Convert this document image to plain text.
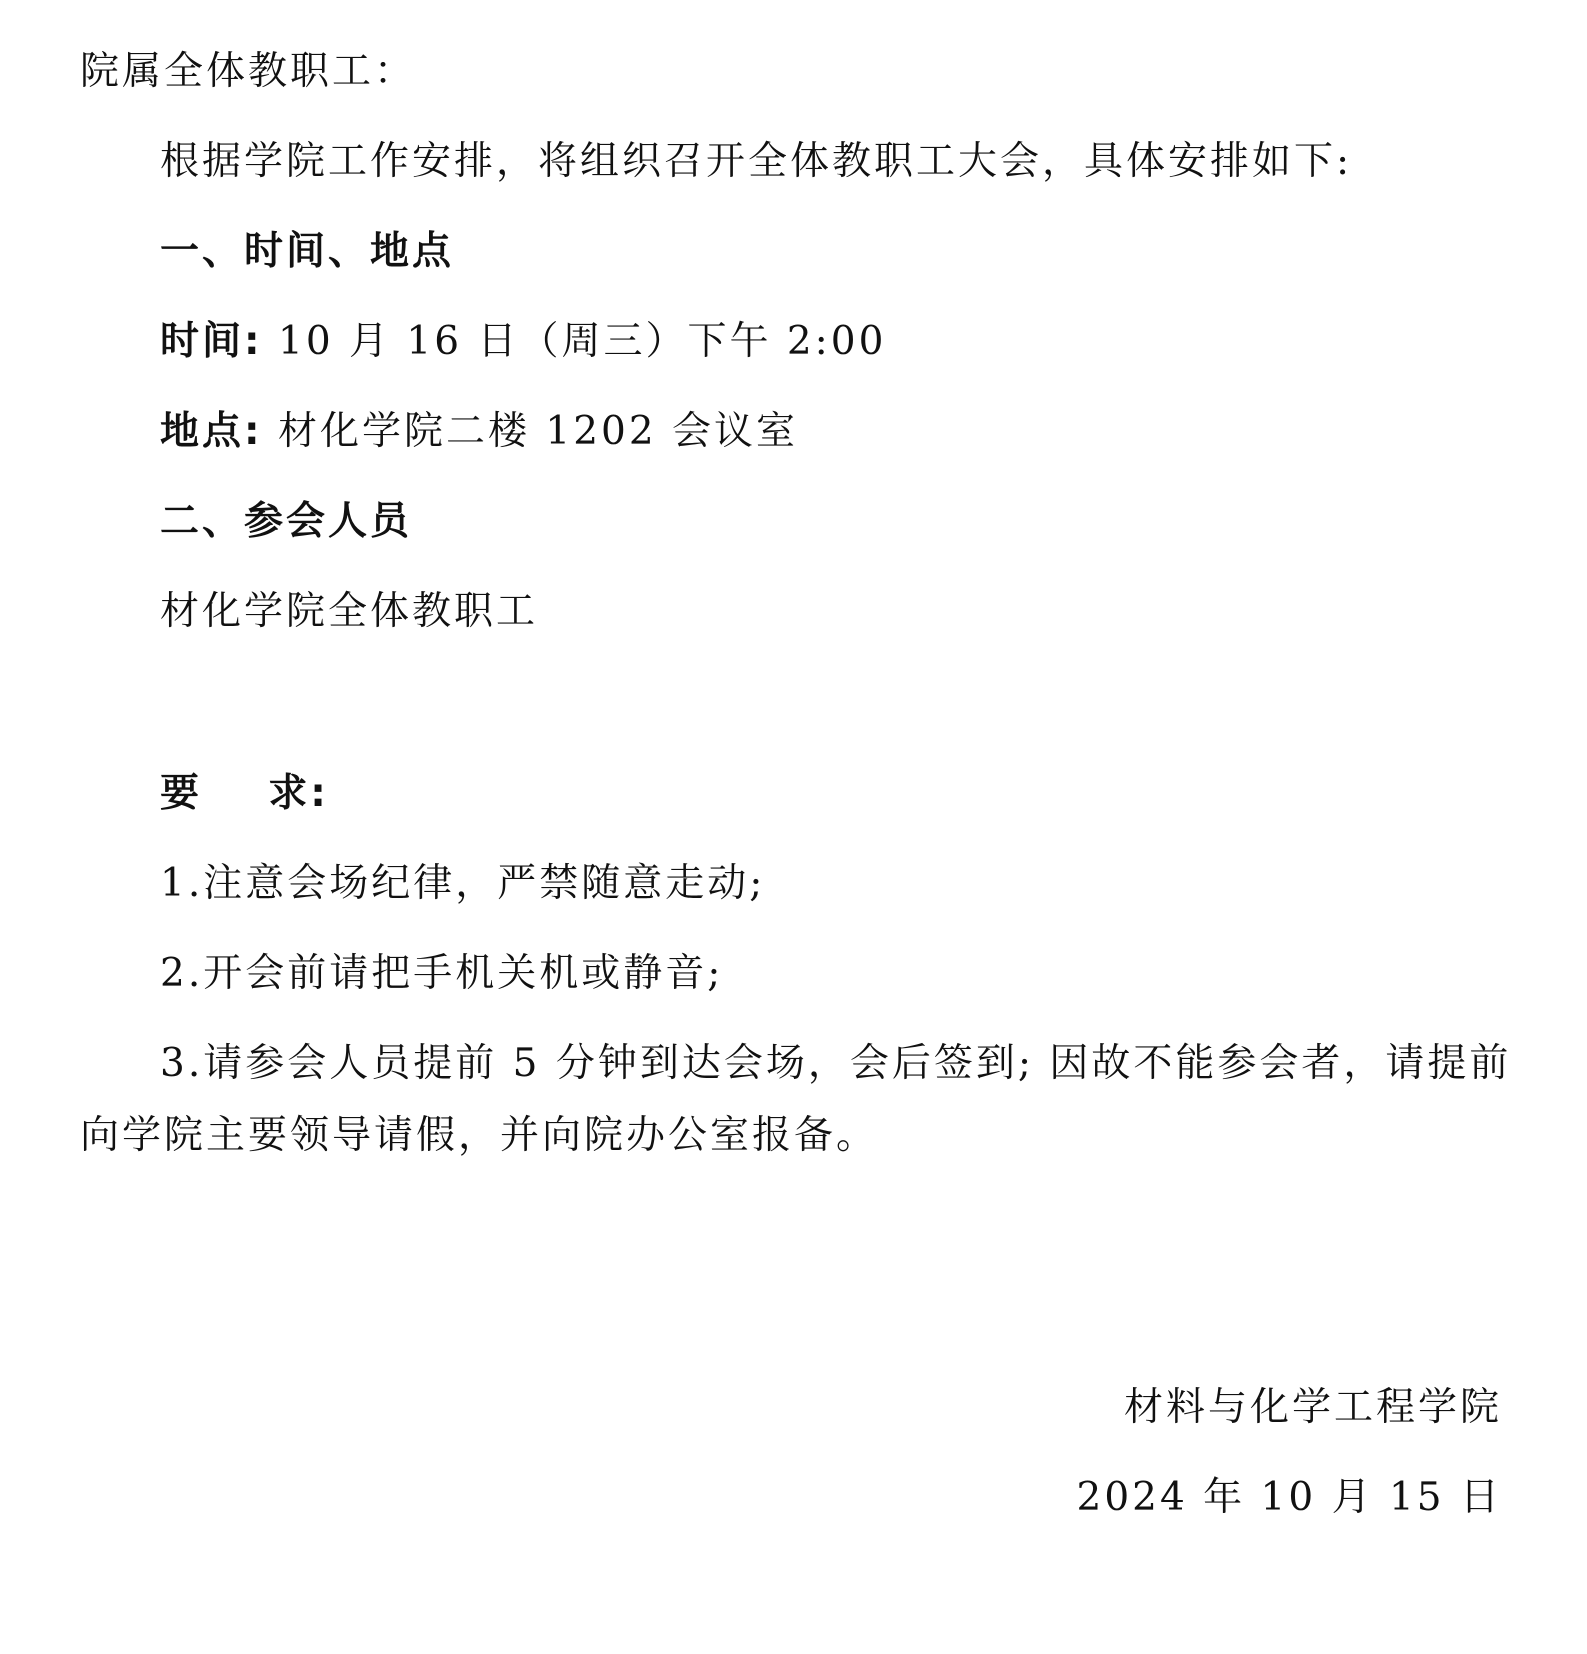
院属全体教职工：
根据学院工作安排，将组织召开全体教职工大会，具体安排如下:
一、时间、地点
时间: 10 月 16 日（周三）下午 2:00
地点: 材化学院二楼 1202 会议室
二、参会人员
材化学院全体教职工
要    求:
1.注意会场纪律，严禁随意走动;
2.开会前请把手机关机或静音;
3.请参会人员提前 5 分钟到达会场，会后签到; 因故不能参会者，请提前
向学院主要领导请假，并向院办公室报备。
材料与化学工程学院
2024 年 10 月 15 日
